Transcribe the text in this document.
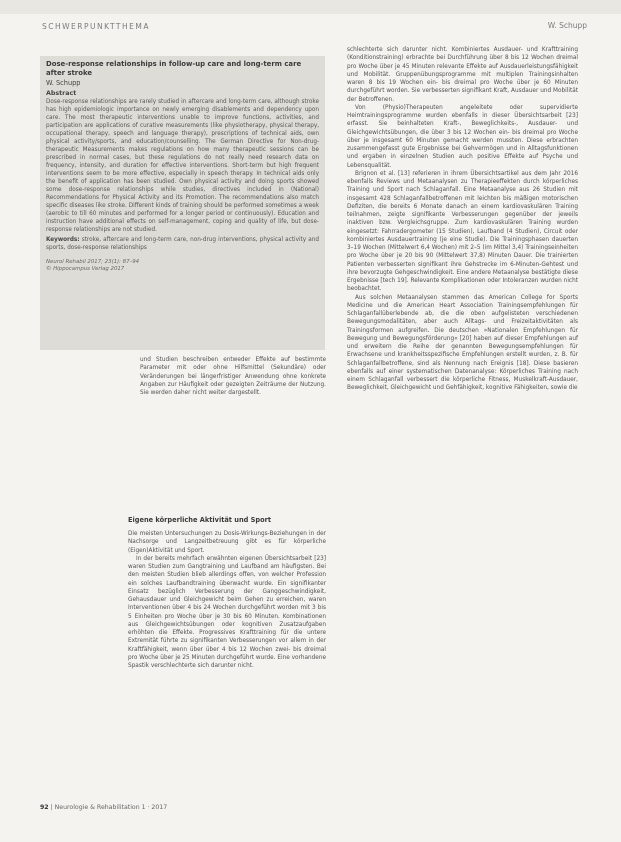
SCHWERPUNKTTHEMA	W. Schupp
Dose-response relationships in follow-up care and long-term care after stroke
W. Schupp
Abstract
Dose-response relationships are rarely studied in aftercare and long-term care, although stroke has high epidemiologic importance on newly emerging disablements and dependency upon care. The most therapeutic interventions unable to improve functions, activities, and participation are applications of curative measurements (like physiotherapy, physical therapy, occupational therapy, speech and language therapy), prescriptions of technical aids, own physical activity/sports, and education/counselling. The German Directive for Non-drug-therapeutic Measurements makes regulations on how many therapeutic sessions can be prescribed in normal cases, but these regulations do not really need research data on frequency, intensity, and duration for effective interventions. Short-term but high frequent interventions seem to be more effective, especially in speech therapy. In technical aids only the benefit of application has been studied. Own physical activity and doing sports showed some dose-response relationships while studies, directives included in (National) Recommendations for Physical Activity and its Promotion. The recommendations also match specific diseases like stroke. Different kinds of training should be performed sometimes a week (aerobic to till 60 minutes and performed for a longer period or continuously). Education and instruction have additional effects on self-management, coping and quality of life, but dose-response relationships are not studied.
Keywords: stroke, aftercare and long-term care, non-drug interventions, physical activity and sports, dose-response relationships
Neurol Rehabil 2017; 23(1): 87–94
© Hippocampus Verlag 2017

und Studien beschreiben entweder Effekte auf bestimmte Parameter mit oder ohne Hilfsmittel (Sekundäre) oder Veränderungen bei längerfristiger Anwendung ohne konkrete Angaben zur Häufigkeit oder gezeigten Zeiträume der Nutzung. Sie werden daher nicht weiter dargestellt.

Eigene körperliche Aktivität und Sport

Die meisten Untersuchungen zu Dosis-Wirkungs-Beziehungen in der Nachsorge und Langzeitbetreuung gibt es für körperliche (Eigen)Aktivität und Sport.

In der bereits mehrfach erwähnten eigenen Übersichtsarbeit [23] waren Studien zum Gangtraining und Laufband am häufigsten. Bei den meisten Studien blieb allerdings offen, von welcher Profession ein solches Laufbandtraining überwacht wurde. Ein signifikanter Einsatz bezüglich Verbesserung der Ganggeschwindigkeit, Gehausdauer und Gleichgewicht beim Gehen zu erreichen, waren Interventionen über 4 bis 24 Wochen durchgeführt worden mit 3 bis 5 Einheiten pro Woche über je 30 bis 60 Minuten. Kombinationen aus Gleichgewichtsübungen oder kognitiven Zusatzaufgaben erhöhten die Effekte. Progressives Krafttraining für die untere Extremität führte zu signifikanten Verbesserungen vor allem in der Kraftfähigkeit, wenn über über 4 bis 12 Wochen zwei- bis dreimal pro Woche über je 25 Minuten durchgeführt wurde. Eine vorhandene Spastik verschlechterte sich darunter nicht.

schlechterte sich darunter nicht. Kombiniertes Ausdauer- und Krafttraining (Konditionstraining) erbrachte bei Durchführung über 8 bis 12 Wochen dreimal pro Woche über je 45 Minuten relevante Effekte auf Ausdauerleistungsfähigkeit und Mobilität. Gruppenübungsprogramme mit multiplen Trainingsinhalten waren 8 bis 19 Wochen ein- bis dreimal pro Woche über je 60 Minuten durchgeführt worden. Sie verbesserten signifikant Kraft, Ausdauer und Mobilität der Betroffenen.

Von (Physio)Therapeuten angeleitete oder supervidierte Heimtrainingsprogramme wurden ebenfalls in dieser Übersichtsarbeit [23] erfasst. Sie beinhalteten Kraft-, Beweglichkeits-, Ausdauer- und Gleichgewichtsübungen, die über 3 bis 12 Wochen ein- bis dreimal pro Woche über je insgesamt 60 Minuten gemacht werden mussten. Diese erbrachten zusammengefasst gute Ergebnisse bei Gehvermögen und in Alltagsfunktionen und ergaben in einzelnen Studien auch positive Effekte auf Psyche und Lebensqualität.

Brignon et al. [13] referieren in ihrem Übersichtsartikel aus dem Jahr 2016 ebenfalls Reviews und Metaanalysen zu Therapieeffekten durch körperliches Training und Sport nach Schlaganfall. Eine Metaanalyse aus 26 Studien mit insgesamt 428 Schlaganfallbetroffenen mit leichten bis mäßigen motorischen Defiziten, die bereits 6 Monate danach an einem kardiovaskulären Training teilnahmen, zeigte signifikante Verbesserungen gegenüber der jeweils inaktiven bzw. Vergleichsgruppe. Zum kardiovaskulären Training wurden eingesetzt: Fahrradergometer (15 Studien), Laufband (4 Studien), Circuit oder kombiniertes Ausdauertraining (je eine Studie). Die Trainingsphasen dauerten 3–19 Wochen (Mittelwert 6,4 Wochen) mit 2–5 (im Mittel 3,4) Trainingseinheiten pro Woche über je 20 bis 90 (Mittelwert 37,8) Minuten Dauer. Die trainierten Patienten verbesserten signifikant ihre Gehstrecke im 6-Minuten-Gehtest und ihre bevorzugte Gehgeschwindigkeit. Eine andere Metaanalyse bestätigte diese Ergebnisse [tech 19]. Relevante Komplikationen oder Intoleranzen wurden nicht beobachtet.

Aus solchen Metaanalysen stammen das American College for Sports Medicine und die American Heart Association Trainingsempfehlungen für Schlaganfallüberlebende ab, die die oben aufgelisteten verschiedenen Bewegungsmodalitäten, aber auch Alltags- und Freizeitaktivitäten als Trainingsformen aufgreifen. Die deutschen »Nationalen Empfehlungen für Bewegung und Bewegungsförderung« [20] haben auf dieser Empfehlungen auf und erweitern die Reihe der genannten Bewegungsempfehlungen für Erwachsene und krankheitsspezifische Empfehlungen erstellt wurden, z. B. für Schlaganfallbetroffene, sind als Nennung nach Ereignis [18]. Diese basieren ebenfalls auf einer systematischen Datenanalyse: Körperliches Training nach einem Schlaganfall verbessert die körperliche Fitness, Muskelkraft-Ausdauer, Beweglichkeit, Gleichgewicht und Gehfähigkeit, kognitive Fähigkeiten, sowie die

92 | Neurologie & Rehabilitation 1 · 2017
